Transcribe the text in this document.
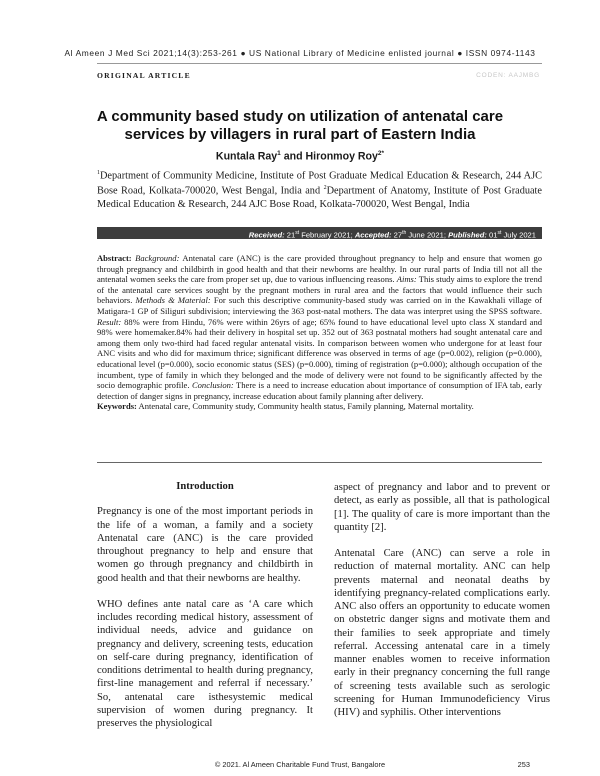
Al Ameen J Med Sci 2021;14(3):253-261 ● US National Library of Medicine enlisted journal ● ISSN 0974-1143
ORIGINAL ARTICLE	CODEN: AAJMBG
A community based study on utilization of antenatal care services by villagers in rural part of Eastern India
Kuntala Ray$^1$ and Hironmoy Roy$^{2*}$
$^1$Department of Community Medicine, Institute of Post Graduate Medical Education & Research, 244 AJC Bose Road, Kolkata-700020, West Bengal, India and $^2$Department of Anatomy, Institute of Post Graduate Medical Education & Research, 244 AJC Bose Road, Kolkata-700020, West Bengal, India
Received: 21st February 2021; Accepted: 27th June 2021; Published: 01st July 2021

Abstract: Background: Antenatal care (ANC) is the care provided throughout pregnancy to help and ensure that women go through pregnancy and childbirth in good health and that their newborns are healthy. In our rural parts of India till not all the antenatal women seeks the care from proper set up, due to various influencing reasons. Aims: This study aims to explore the trend of the antenatal care services sought by the pregnant mothers in rural area and the factors that would influence their such behaviors. Methods & Material: For such this descriptive community-based study was carried on in the Kawakhali village of Matigara-1 GP of Siliguri subdivision; interviewing the 363 post-natal mothers. The data was interpret using the SPSS software. Result: 88% were from Hindu, 76% were within 26yrs of age; 65% found to have educational level upto class X standard and 98% were homemaker.84% had their delivery in hospital set up. 352 out of 363 postnatal mothers had sought antenatal care and among them only two-third had faced regular antenatal visits. In comparison between women who undergone for at least four ANC visits and who did for maximum thrice; significant difference was observed in terms of age (p=0.002), religion (p=0.000), educational level (p=0.000), socio economic status (SES) (p=0.000), timing of registration (p=0.000); although occupation of the incumbent, type of family in which they belonged and the mode of delivery were not found to be significantly affected by the socio demographic profile. Conclusion: There is a need to increase education about importance of consumption of IFA tab, early detection of danger signs in pregnancy, increase education about family planning after delivery.

Keywords: Antenatal care, Community study, Community health status, Family planning, Maternal mortality.

Introduction

Pregnancy is one of the most important periods in the life of a woman, a family and a society Antenatal care (ANC) is the care provided throughout pregnancy to help and ensure that women go through pregnancy and childbirth in good health and that their newborns are healthy.

WHO defines ante natal care as ‘A care which includes recording medical history, assessment of individual needs, advice and guidance on pregnancy and delivery, screening tests, education on self-care during pregnancy, identification of conditions detrimental to health during pregnancy, first-line management and referral if necessary.’ So, antenatal care isthesystemic medical supervision of women during pregnancy. It preserves the physiological

aspect of pregnancy and labor and to prevent or detect, as early as possible, all that is pathological [1]. The quality of care is more important than the quantity [2].

Antenatal Care (ANC) can serve a role in reduction of maternal mortality. ANC can help prevents maternal and neonatal deaths by identifying pregnancy-related complications early. ANC also offers an opportunity to educate women on obstetric danger signs and motivate them and their families to seek appropriate and timely referral. Accessing antenatal care in a timely manner enables women to receive information early in their pregnancy concerning the full range of screening tests available such as serologic screening for Human Immunodeficiency Virus (HIV) and syphilis. Other interventions

© 2021. Al Ameen Charitable Fund Trust, Bangalore	253
